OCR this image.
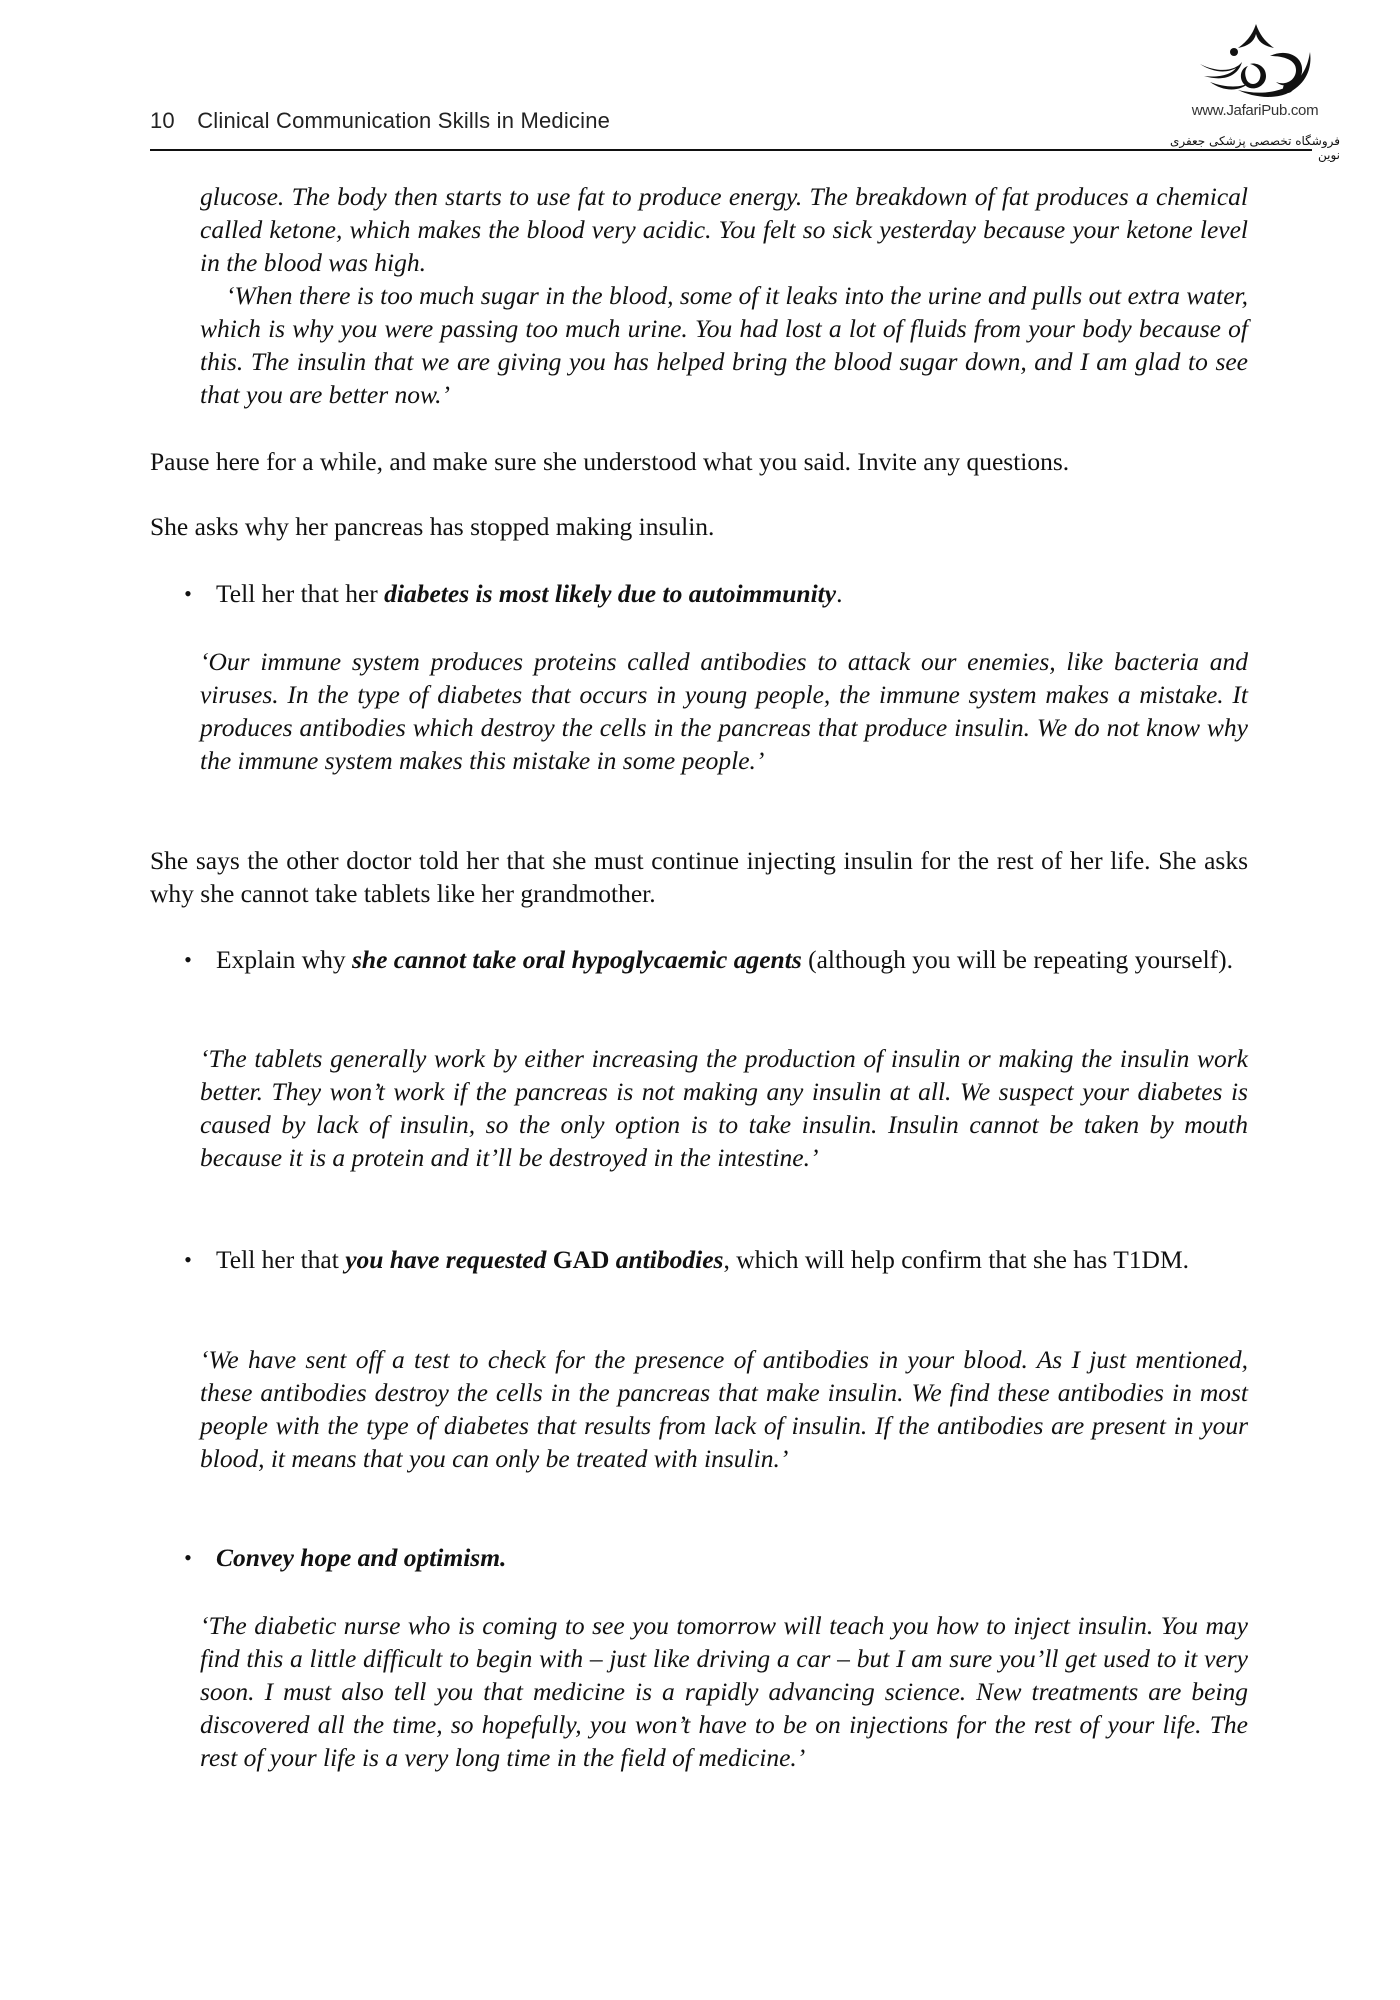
10 Clinical Communication Skills in Medicine	www.JafariPub.com
فروشگاه تخصصی پزشکی جعفری نوین

glucose. The body then starts to use fat to produce energy. The breakdown of fat produces a chemical called ketone, which makes the blood very acidic. You felt so sick yesterday because your ketone level in the blood was high.

‘When there is too much sugar in the blood, some of it leaks into the urine and pulls out extra water, which is why you were passing too much urine. You had lost a lot of fluids from your body because of this. The insulin that we are giving you has helped bring the blood sugar down, and I am glad to see that you are better now.’

Pause here for a while, and make sure she understood what you said. Invite any questions.
She asks why her pancreas has stopped making insulin.
• Tell her that her diabetes is most likely due to autoimmunity.
‘Our immune system produces proteins called antibodies to attack our enemies, like bacteria and viruses. In the type of diabetes that occurs in young people, the immune system makes a mistake. It produces antibodies which destroy the cells in the pancreas that produce insulin. We do not know why the immune system makes this mistake in some people.’
She says the other doctor told her that she must continue injecting insulin for the rest of her life. She asks why she cannot take tablets like her grandmother.
• Explain why she cannot take oral hypoglycaemic agents (although you will be repeating yourself).
‘The tablets generally work by either increasing the production of insulin or making the insulin work better. They won’t work if the pancreas is not making any insulin at all. We suspect your diabetes is caused by lack of insulin, so the only option is to take insulin. Insulin cannot be taken by mouth because it is a protein and it’ll be destroyed in the intestine.’
• Tell her that you have requested GAD antibodies, which will help confirm that she has T1DM.
‘We have sent off a test to check for the presence of antibodies in your blood. As I just mentioned, these antibodies destroy the cells in the pancreas that make insulin. We find these antibodies in most people with the type of diabetes that results from lack of insulin. If the antibodies are present in your blood, it means that you can only be treated with insulin.’
• Convey hope and optimism.
‘The diabetic nurse who is coming to see you tomorrow will teach you how to inject insulin. You may find this a little difficult to begin with – just like driving a car – but I am sure you’ll get used to it very soon. I must also tell you that medicine is a rapidly advancing science. New treatments are being discovered all the time, so hopefully, you won’t have to be on injections for the rest of your life. The rest of your life is a very long time in the field of medicine.’
